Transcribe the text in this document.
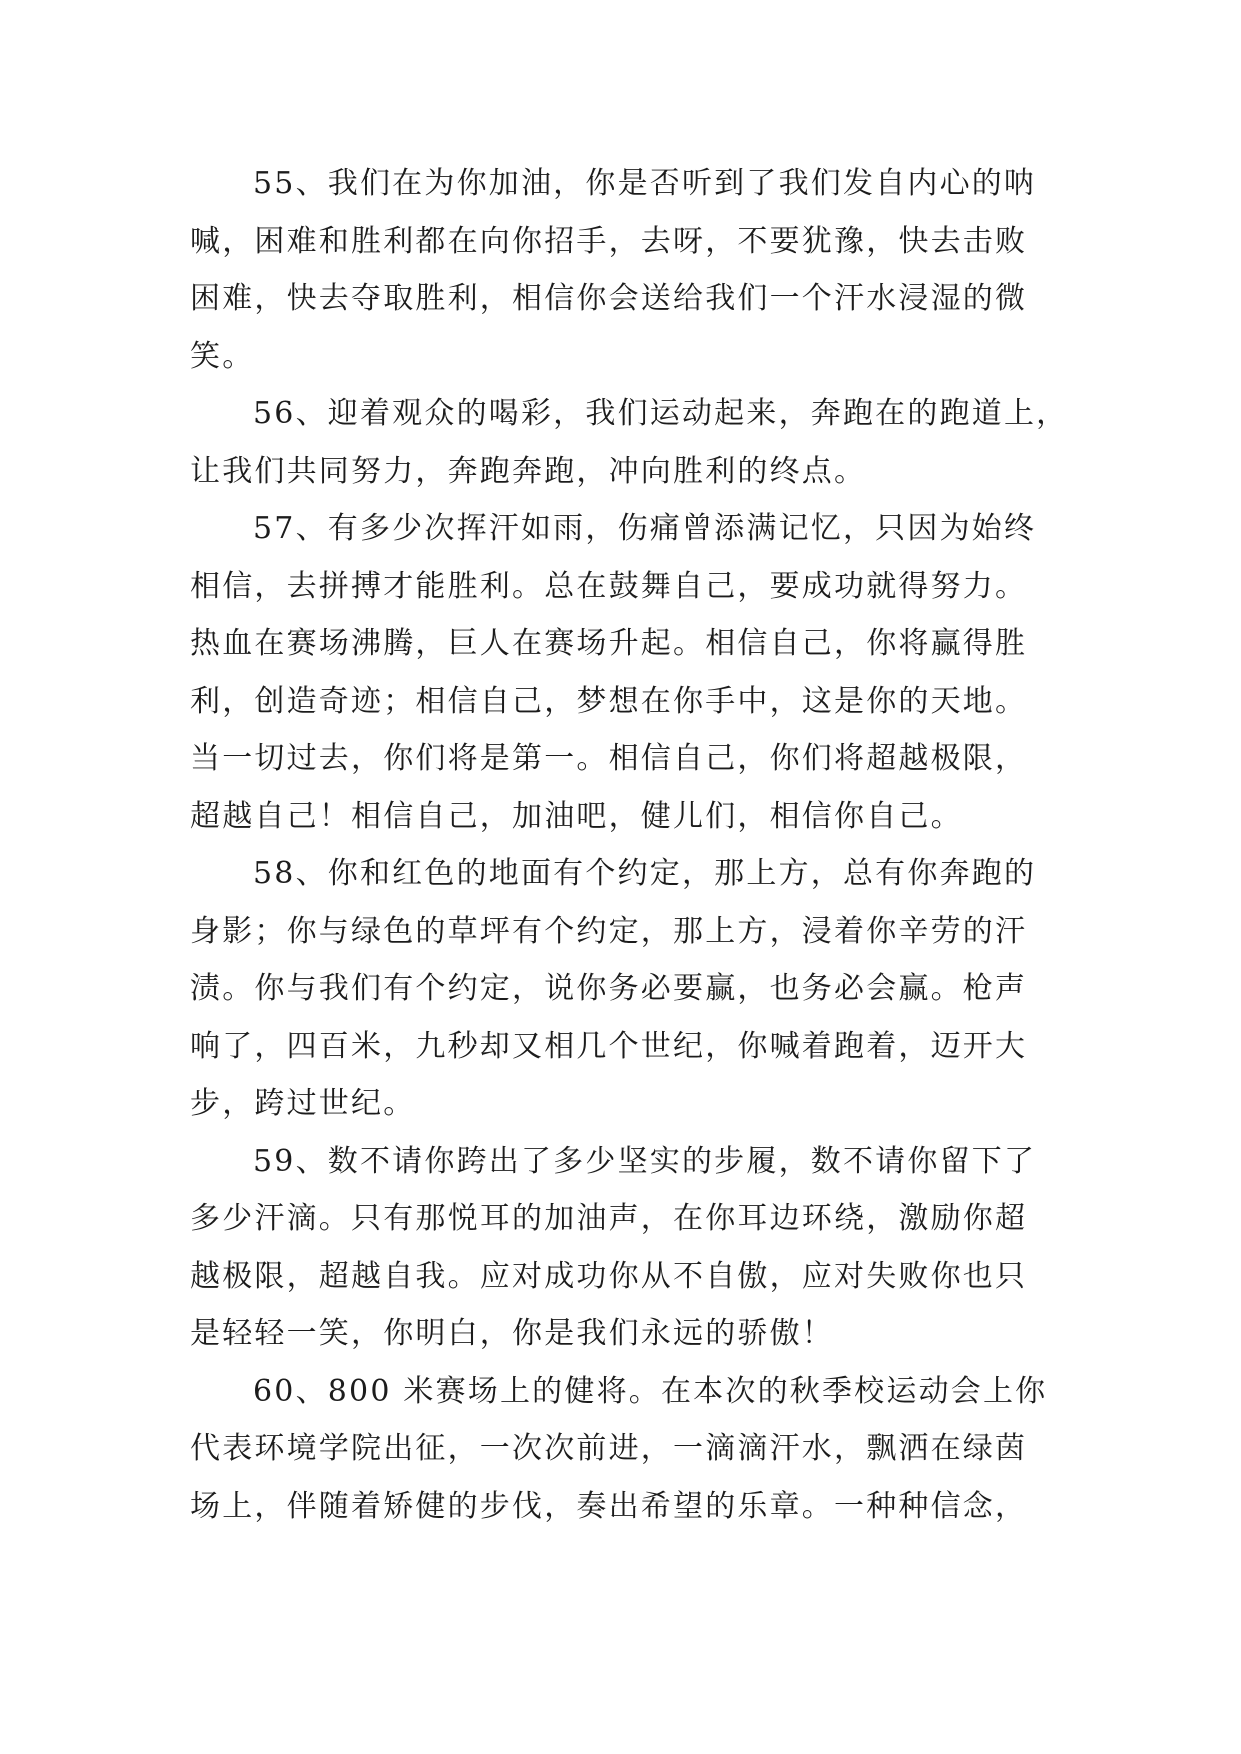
55、我们在为你加油，你是否听到了我们发自内心的呐
喊，困难和胜利都在向你招手，去呀，不要犹豫，快去击败
困难，快去夺取胜利，相信你会送给我们一个汗水浸湿的微
笑。
56、迎着观众的喝彩，我们运动起来，奔跑在的跑道上，
让我们共同努力，奔跑奔跑，冲向胜利的终点。
57、有多少次挥汗如雨，伤痛曾添满记忆，只因为始终
相信，去拼搏才能胜利。总在鼓舞自己，要成功就得努力。
热血在赛场沸腾，巨人在赛场升起。相信自己，你将赢得胜
利，创造奇迹；相信自己，梦想在你手中，这是你的天地。
当一切过去，你们将是第一。相信自己，你们将超越极限，
超越自己！相信自己，加油吧，健儿们，相信你自己。
58、你和红色的地面有个约定，那上方，总有你奔跑的
身影；你与绿色的草坪有个约定，那上方，浸着你辛劳的汗
渍。你与我们有个约定，说你务必要赢，也务必会赢。枪声
响了，四百米，九秒却又相几个世纪，你喊着跑着，迈开大
步，跨过世纪。
59、数不请你跨出了多少坚实的步履，数不请你留下了
多少汗滴。只有那悦耳的加油声，在你耳边环绕，激励你超
越极限，超越自我。应对成功你从不自傲，应对失败你也只
是轻轻一笑，你明白，你是我们永远的骄傲！
60、800 米赛场上的健将。在本次的秋季校运动会上你
代表环境学院出征，一次次前进，一滴滴汗水，飘洒在绿茵
场上，伴随着矫健的步伐，奏出希望的乐章。一种种信念，
